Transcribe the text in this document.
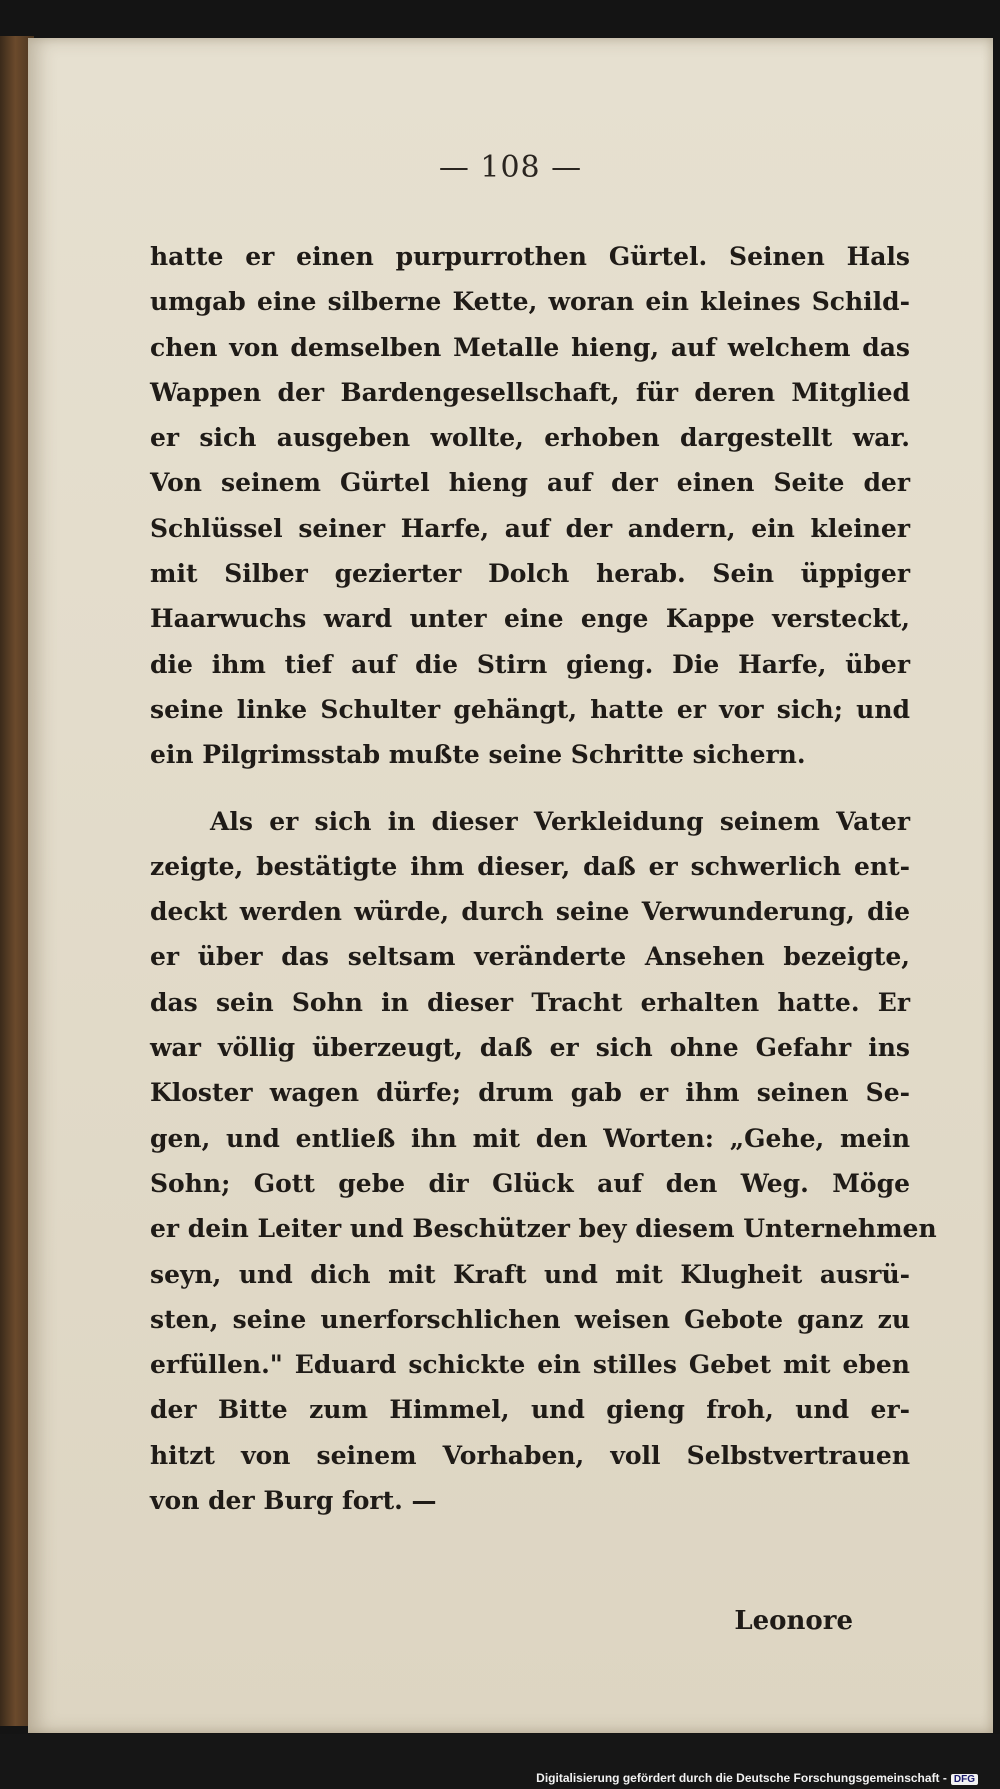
— 108 —
hatte er einen purpurrothen Gürtel. Seinen Hals
umgab eine silberne Kette, woran ein kleines Schild-
chen von demselben Metalle hieng, auf welchem das
Wappen der Bardengesellschaft, für deren Mitglied
er sich ausgeben wollte, erhoben dargestellt war.
Von seinem Gürtel hieng auf der einen Seite der
Schlüssel seiner Harfe, auf der andern, ein kleiner
mit Silber gezierter Dolch herab. Sein üppiger
Haarwuchs ward unter eine enge Kappe versteckt,
die ihm tief auf die Stirn gieng. Die Harfe, über
seine linke Schulter gehängt, hatte er vor sich; und
ein Pilgrimsstab mußte seine Schritte sichern.
Als er sich in dieser Verkleidung seinem Vater
zeigte, bestätigte ihm dieser, daß er schwerlich ent-
deckt werden würde, durch seine Verwunderung, die
er über das seltsam veränderte Ansehen bezeigte,
das sein Sohn in dieser Tracht erhalten hatte. Er
war völlig überzeugt, daß er sich ohne Gefahr ins
Kloster wagen dürfe; drum gab er ihm seinen Se-
gen, und entließ ihn mit den Worten: „Gehe, mein
Sohn; Gott gebe dir Glück auf den Weg. Möge
er dein Leiter und Beschützer bey diesem Unternehmen
seyn, und dich mit Kraft und mit Klugheit ausrü-
sten, seine unerforschlichen weisen Gebote ganz zu
erfüllen." Eduard schickte ein stilles Gebet mit eben
der Bitte zum Himmel, und gieng froh, und er-
hitzt von seinem Vorhaben, voll Selbstvertrauen
von der Burg fort. —
Leonore
Digitalisierung gefördert durch die Deutsche Forschungsgemeinschaft - DFG
